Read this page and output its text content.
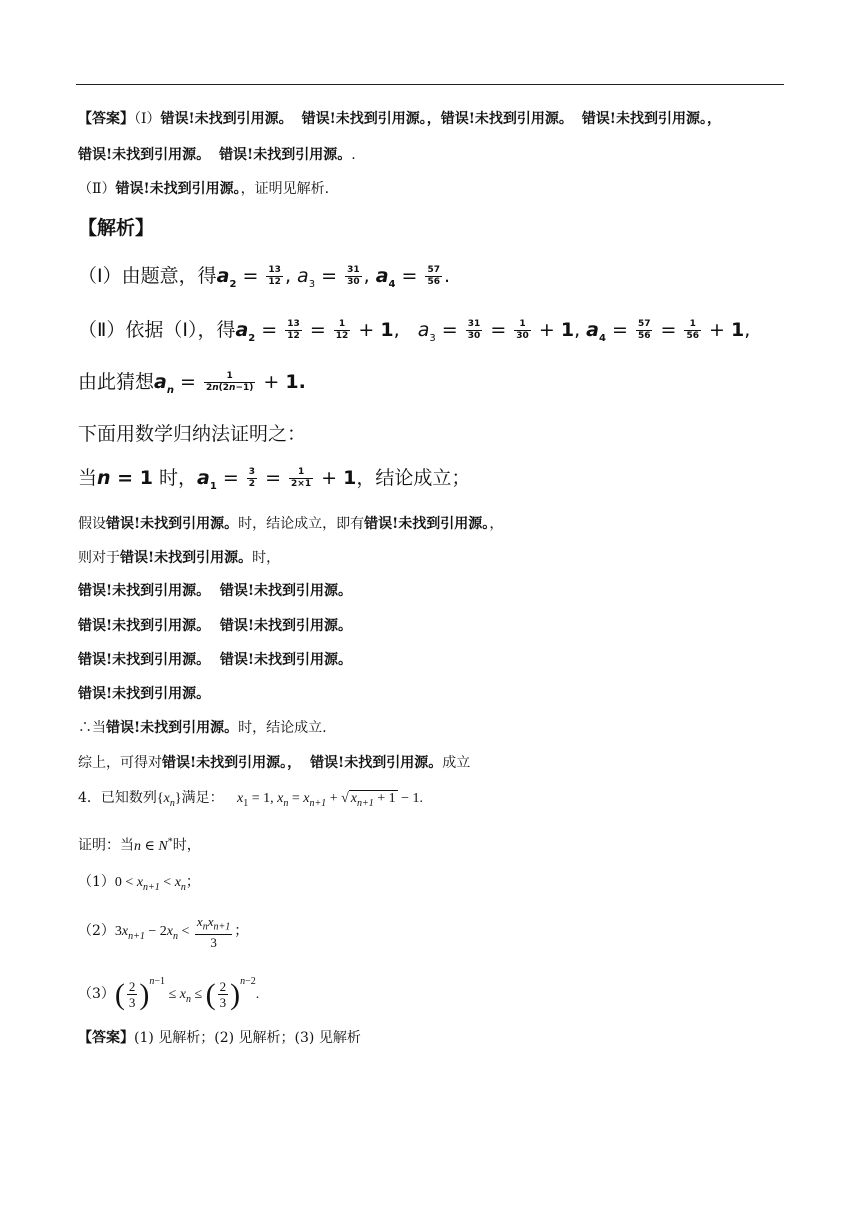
【答案】（Ⅰ）错误!未找到引用源。 错误!未找到引用源。，错误!未找到引用源。 错误!未找到引用源。，
错误!未找到引用源。 错误!未找到引用源。.
（Ⅱ）错误!未找到引用源。，证明见解析.
【解析】
（Ⅰ）由题意，得$a_2 = \frac{13}{12}$ , $a_3 = \frac{31}{30}$ , $a_4 = \frac{57}{56}$ .
（Ⅱ）依据（Ⅰ），得$a_2 = \frac{13}{12} = \frac{1}{12} + 1$,   $a_3 = \frac{31}{30} = \frac{1}{30} + 1$, $a_4 = \frac{57}{56} = \frac{1}{56} + 1$,
由此猜想$a_n = \frac{1}{2n(2n-1)} + 1$.
下面用数学归纳法证明之：
当n = 1 时，$a_1 = \frac{3}{2} = \frac{1}{2\times 1} + 1$，结论成立；
假设错误!未找到引用源。时，结论成立，即有错误!未找到引用源。，
则对于错误!未找到引用源。时，
错误!未找到引用源。 错误!未找到引用源。
错误!未找到引用源。 错误!未找到引用源。
错误!未找到引用源。 错误!未找到引用源。
错误!未找到引用源。
∴当错误!未找到引用源。时，结论成立.
综上，可得对错误!未找到引用源。， 错误!未找到引用源。成立
4．已知数列$\{x_n\}$满足： $x_1 = 1$, $x_n = x_{n+1}$ + √ $x_{n+1} + 1 - 1$.
证明：当n ∈ N*时，
$(1)0 < x_{n+1} < x_n$；
$(2)3x_{n+1} - 2x_n < \frac{x_nx_{n+1}}{3}$ ；
$(3)( \frac{2}{3} )^{n-1} \le x_n$ ≤ ( $\frac{2}{3} )^{n-2}$.
【答案】(1) 见解析；(2) 见解析；(3) 见解析
